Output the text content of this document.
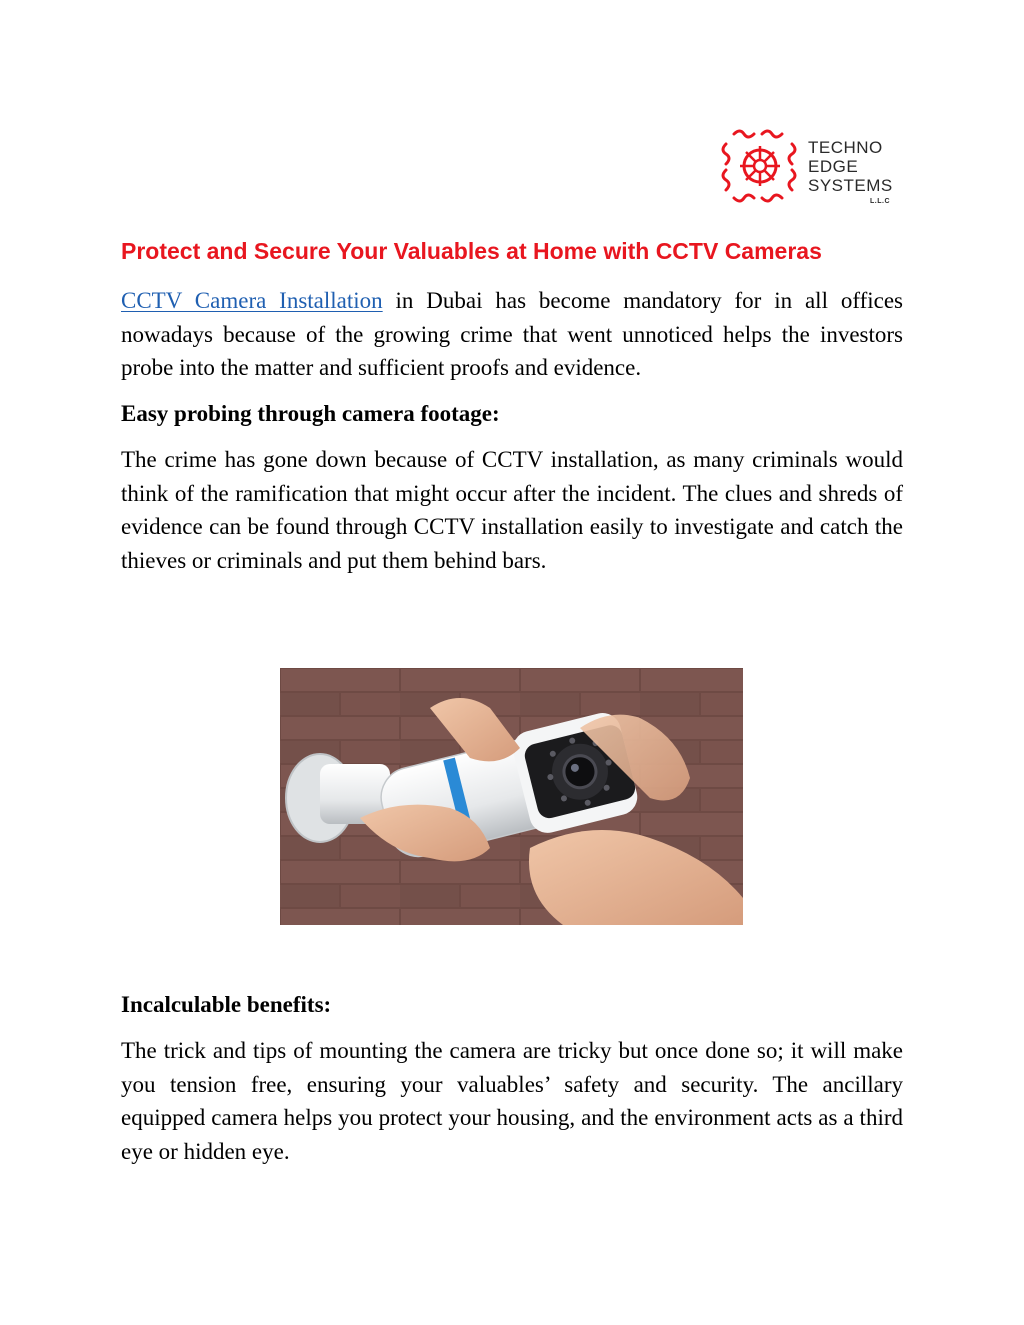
TECHNO
EDGE
SYSTEMS
L.L.C
Protect and Secure Your Valuables at Home with CCTV Cameras

CCTV Camera Installation in Dubai has become mandatory for in all offices nowadays because of the growing crime that went unnoticed helps the investors probe into the matter and sufficient proofs and evidence.

Easy probing through camera footage:

The crime has gone down because of CCTV installation, as many criminals would think of the ramification that might occur after the incident. The clues and shreds of evidence can be found through CCTV installation easily to investigate and catch the thieves or criminals and put them behind bars.

Incalculable benefits:

The trick and tips of mounting the camera are tricky but once done so; it will make you tension free, ensuring your valuables’ safety and security. The ancillary equipped camera helps you protect your housing, and the environment acts as a third eye or hidden eye.
